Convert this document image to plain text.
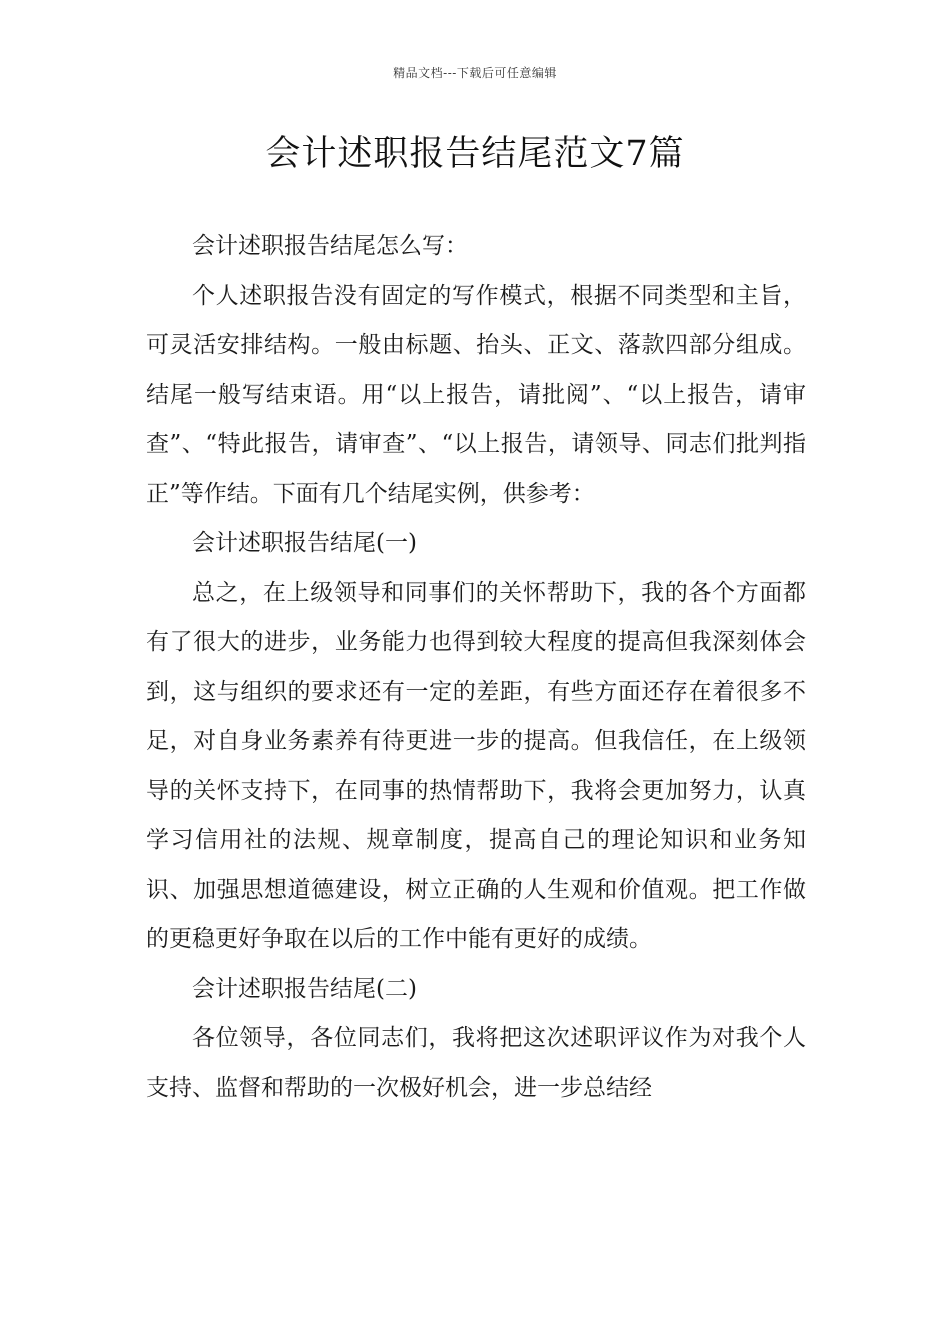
精品文档---下载后可任意编辑
会计述职报告结尾范文7篇

会计述职报告结尾怎么写：

个人述职报告没有固定的写作模式，根据不同类型和主旨，可灵活安排结构。一般由标题、抬头、正文、落款四部分组成。结尾一般写结束语。用“以上报告，请批阅”、“以上报告，请审查”、“特此报告，请审查”、“以上报告，请领导、同志们批判指正”等作结。下面有几个结尾实例，供参考：

会计述职报告结尾(一)

总之，在上级领导和同事们的关怀帮助下，我的各个方面都有了很大的进步，业务能力也得到较大程度的提高但我深刻体会到，这与组织的要求还有一定的差距，有些方面还存在着很多不足，对自身业务素养有待更进一步的提高。但我信任，在上级领导的关怀支持下，在同事的热情帮助下，我将会更加努力，认真学习信用社的法规、规章制度，提高自己的理论知识和业务知识、加强思想道德建设，树立正确的人生观和价值观。把工作做的更稳更好争取在以后的工作中能有更好的成绩。

会计述职报告结尾(二)

各位领导，各位同志们，我将把这次述职评议作为对我个人支持、监督和帮助的一次极好机会，进一步总结经
